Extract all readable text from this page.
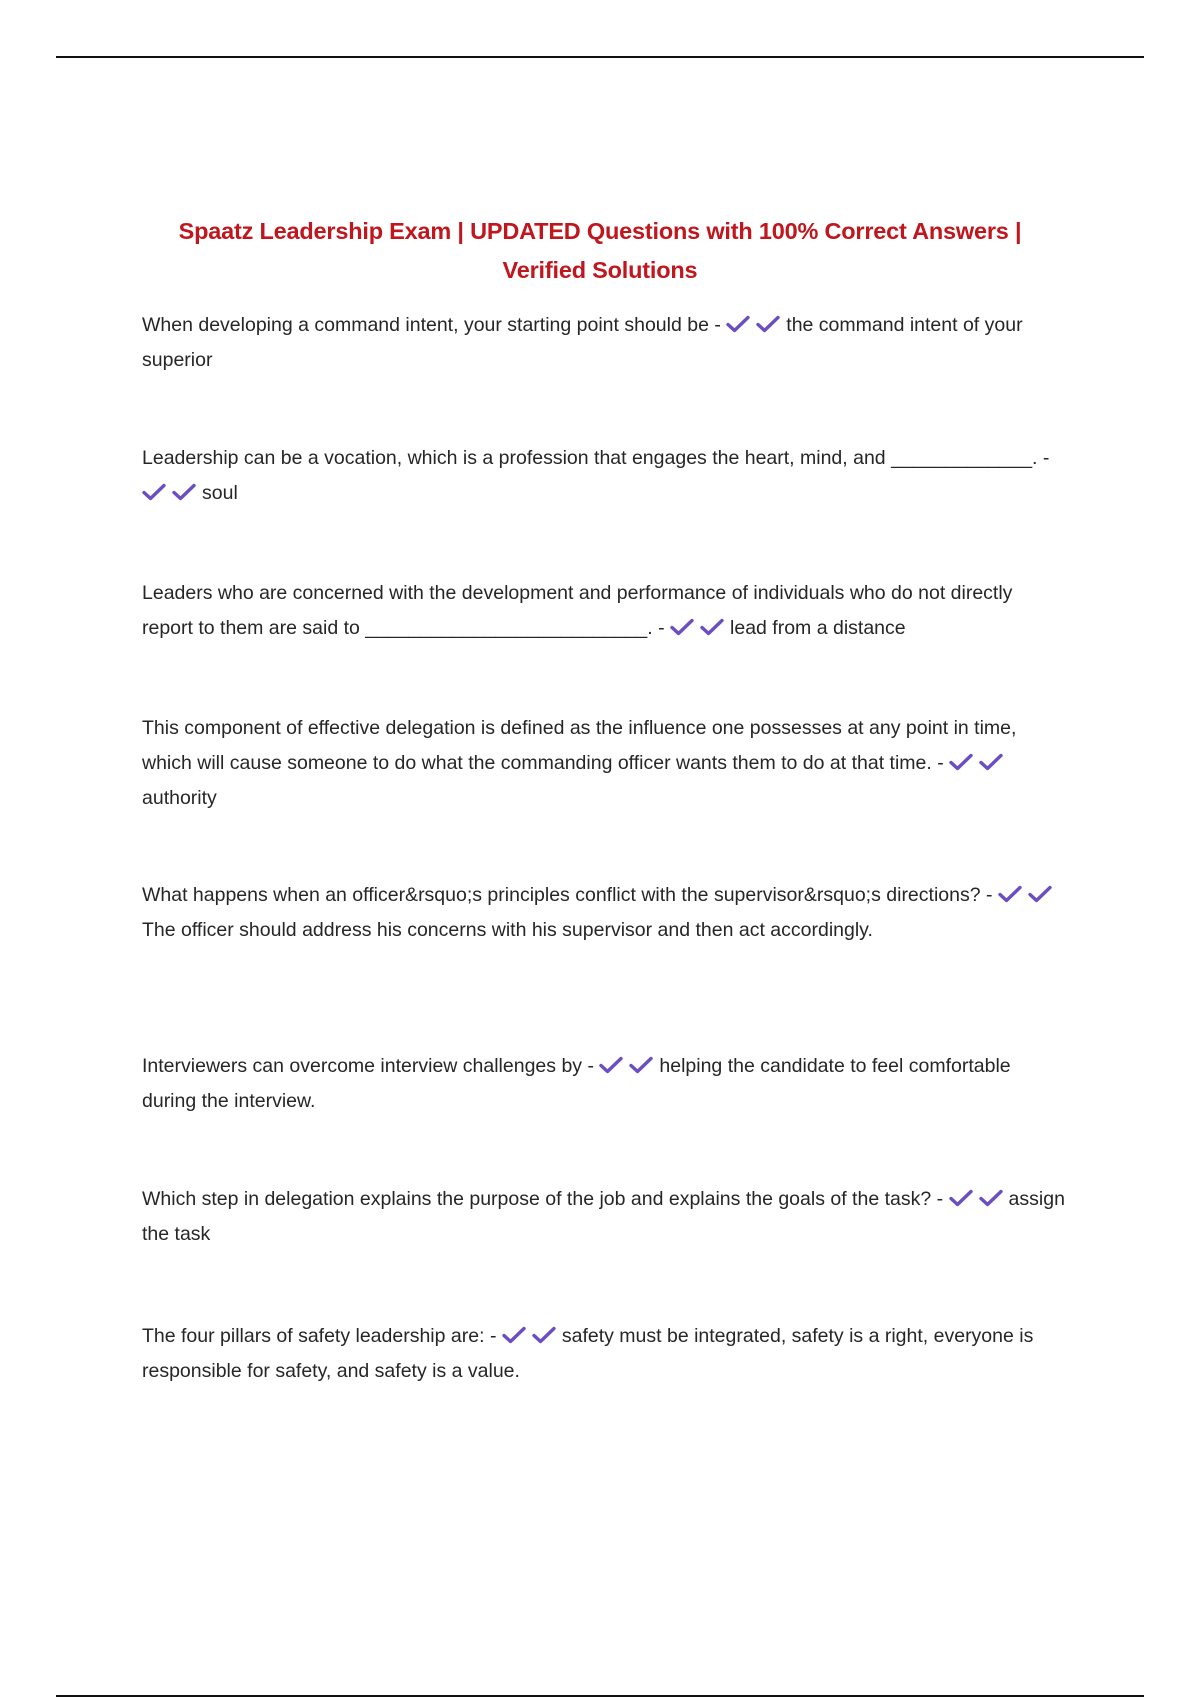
Spaatz Leadership Exam | UPDATED Questions with 100% Correct Answers | Verified Solutions
When developing a command intent, your starting point should be -	the command intent of your superior
Leadership can be a vocation, which is a profession that engages the heart, mind, and _____________. -
soul
Leaders who are concerned with the development and performance of individuals who do not directly report to them are said to __________________________. -	lead from a distance
This component of effective delegation is defined as the influence one possesses at any point in time, which will cause someone to do what the commanding officer wants them to do at that time. -
authority
What happens when an officer&rsquo;s principles conflict with the supervisor&rsquo;s directions? -
The officer should address his concerns with his supervisor and then act accordingly.
Interviewers can overcome interview challenges by -	helping the candidate to feel comfortable during the interview.
Which step in delegation explains the purpose of the job and explains the goals of the task? -	assign the task
The four pillars of safety leadership are: -	safety must be integrated, safety is a right, everyone is responsible for safety, and safety is a value.
